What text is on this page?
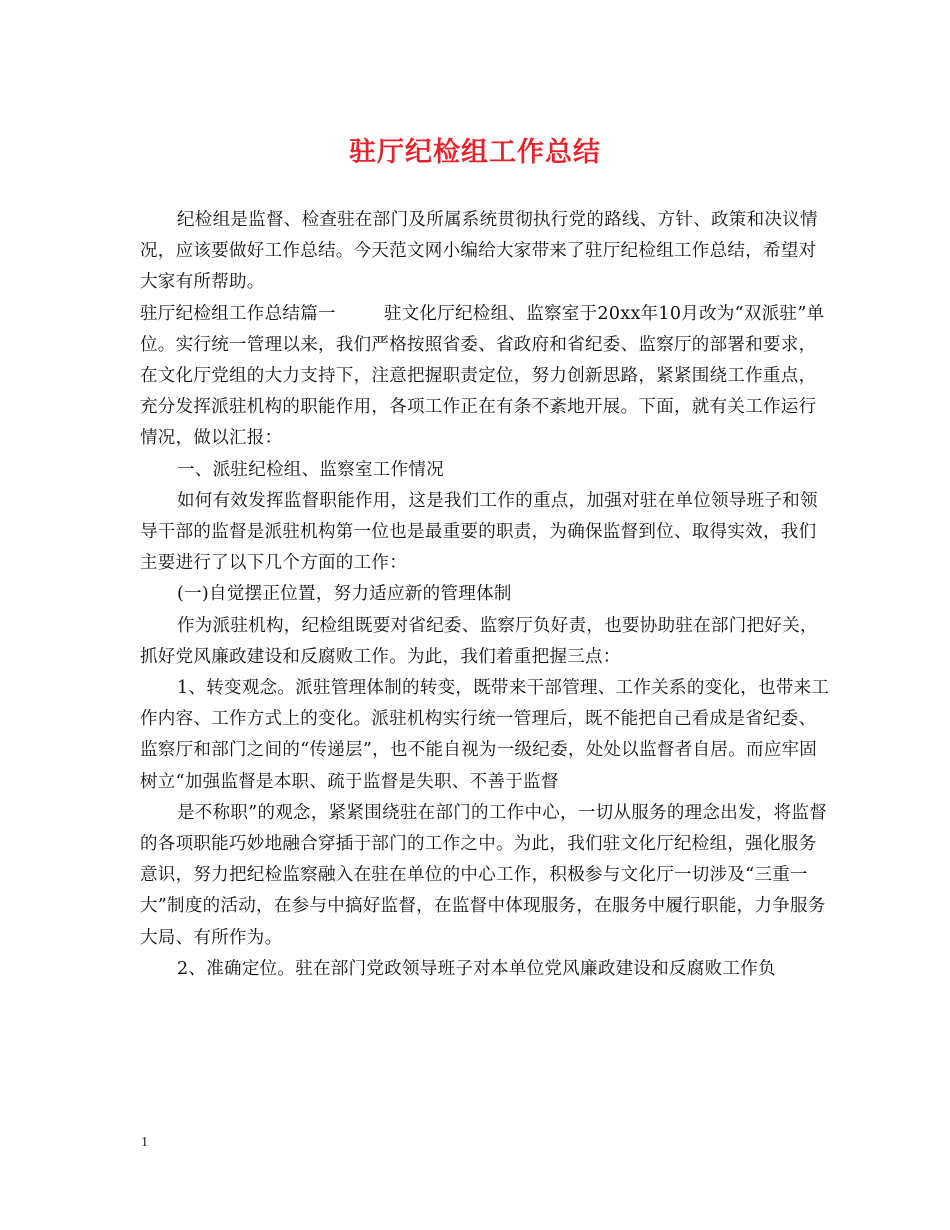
驻厅纪检组工作总结

纪检组是监督、检查驻在部门及所属系统贯彻执行党的路线、方针、政策和决议情况，应该要做好工作总结。今天范文网小编给大家带来了驻厅纪检组工作总结，希望对大家有所帮助。

驻厅纪检组工作总结篇一	驻文化厅纪检组、监察室于20xx年10月改为“双派驻”单位。实行统一管理以来，我们严格按照省委、省政府和省纪委、监察厅的部署和要求，在文化厅党组的大力支持下，注意把握职责定位，努力创新思路，紧紧围绕工作重点，充分发挥派驻机构的职能作用，各项工作正在有条不紊地开展。下面，就有关工作运行情况，做以汇报：

一、派驻纪检组、监察室工作情况

如何有效发挥监督职能作用，这是我们工作的重点，加强对驻在单位领导班子和领导干部的监督是派驻机构第一位也是最重要的职责，为确保监督到位、取得实效，我们主要进行了以下几个方面的工作：

(一)自觉摆正位置，努力适应新的管理体制

作为派驻机构，纪检组既要对省纪委、监察厅负好责，也要协助驻在部门把好关，抓好党风廉政建设和反腐败工作。为此，我们着重把握三点：

1、转变观念。派驻管理体制的转变，既带来干部管理、工作关系的变化，也带来工作内容、工作方式上的变化。派驻机构实行统一管理后，既不能把自己看成是省纪委、监察厅和部门之间的“传递层”，也不能自视为一级纪委，处处以监督者自居。而应牢固树立“加强监督是本职、疏于监督是失职、不善于监督

是不称职”的观念，紧紧围绕驻在部门的工作中心，一切从服务的理念出发，将监督的各项职能巧妙地融合穿插于部门的工作之中。为此，我们驻文化厅纪检组，强化服务意识，努力把纪检监察融入在驻在单位的中心工作，积极参与文化厅一切涉及“三重一大”制度的活动，在参与中搞好监督，在监督中体现服务，在服务中履行职能，力争服务大局、有所作为。

2、准确定位。驻在部门党政领导班子对本单位党风廉政建设和反腐败工作负

1
